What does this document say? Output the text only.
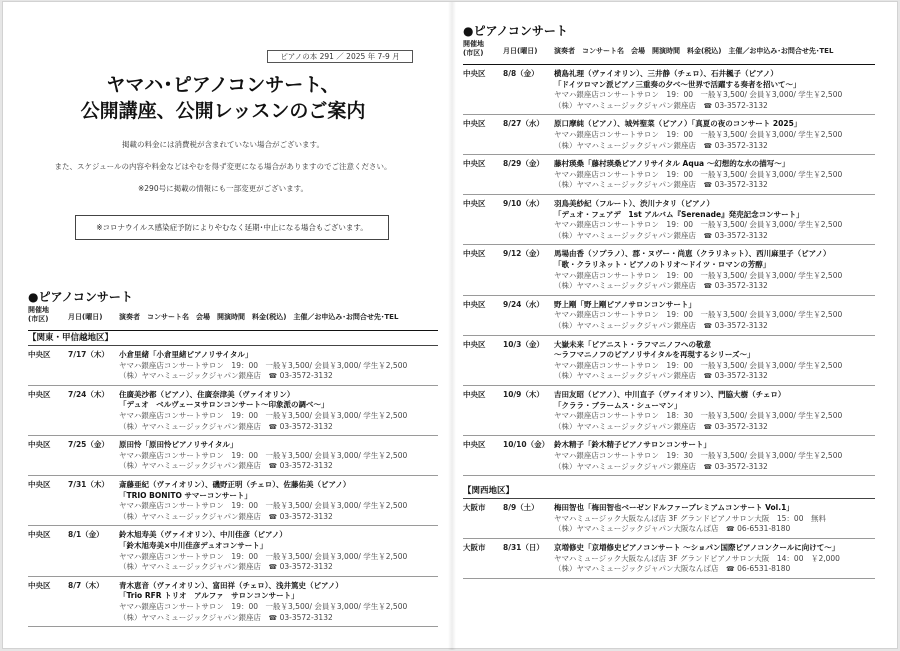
ピアノの本 291 ／ 2025 年 7-9 月
ヤマハ･ピアノコンサート、
公開講座、公開レッスンのご案内

掲載の料金には消費税が含まれていない場合がございます。

また、スケジュールの内容や料金などはやむを得ず変更になる場合がありますのでご注意ください。

※290号に掲載の情報にも一部変更がございます。

※コロナウイルス感染症予防によりやむなく延期･中止になる場合もございます。
●ピアノコンサート
開催地
(市区)	月日(曜日) 演奏者　コンサート名　会場　開演時間　料金(税込)　主催／お申込み･お問合せ先･TEL
【関東・甲信越地区】
中央区 7/17（木） 小倉里緒「小倉里緒ピアノリサイタル」
ヤマハ銀座店コンサートサロン　19：00　一般￥3,500/ 会員￥3,000/ 学生￥2,500
（株）ヤマハミュージックジャパン銀座店　 ☎ 03-3572-3132
中央区 7/24（木） 住廣美沙都（ピアノ）、住廣奈津美（ヴァイオリン）
「デュオ　ベルヴェーヌサロンコンサート～印象派の調べ～」
ヤマハ銀座店コンサートサロン　19：00　一般￥3,500/ 会員￥3,000/ 学生￥2,500
（株）ヤマハミュージックジャパン銀座店　 ☎ 03-3572-3132
中央区 7/25（金） 原田怜「原田怜ピアノリサイタル」
ヤマハ銀座店コンサートサロン　19：00　一般￥3,500/ 会員￥3,000/ 学生￥2,500
（株）ヤマハミュージックジャパン銀座店　 ☎ 03-3572-3132
中央区 7/31（木） 斎藤亜紀（ヴァイオリン）、磯野正明（チェロ）、佐藤佑美（ピアノ）
「TRIO BONITO サマーコンサート」
ヤマハ銀座店コンサートサロン　19：00　一般￥3,500/ 会員￥3,000/ 学生￥2,500
（株）ヤマハミュージックジャパン銀座店　 ☎ 03-3572-3132
中央区 8/1（金） 鈴木旭寿美（ヴァイオリン）、中川佳彦（ピアノ）
「鈴木旭寿美×中川佳彦デュオコンサート」
ヤマハ銀座店コンサートサロン　19：00　一般￥3,500/ 会員￥3,000/ 学生￥2,500
（株）ヤマハミュージックジャパン銀座店　 ☎ 03-3572-3132
中央区 8/7（木） 青木恵音（ヴァイオリン）、富田祥（チェロ）、浅井篤史（ピアノ）
「Trio RFR トリオ　アルファ　サロンコンサート」
ヤマハ銀座店コンサートサロン　19：00　一般￥3,500/ 会員￥3,000/ 学生￥2,500
（株）ヤマハミュージックジャパン銀座店　 ☎ 03-3572-3132
●ピアノコンサート
開催地
(市区)	月日(曜日) 演奏者　コンサート名　会場　開演時間　料金(税込)　主催／お申込み･お問合せ先･TEL
中央区 8/8（金） 横島礼理（ヴァイオリン）、三井静（チェロ）、石井楓子（ピアノ）
「ドイツロマン派ピアノ三重奏の夕べ～世界で活躍する奏者を招いて～」
ヤマハ銀座店コンサートサロン　19：00　一般￥3,500/ 会員￥3,000/ 学生￥2,500
（株）ヤマハミュージックジャパン銀座店　 ☎ 03-3572-3132
中央区 8/27（水） 原口摩純（ピアノ）、城舛聖菜（ピアノ）「真夏の夜のコンサート 2025」
ヤマハ銀座店コンサートサロン　19：00　一般￥3,500/ 会員￥3,000/ 学生￥2,500
（株）ヤマハミュージックジャパン銀座店　 ☎ 03-3572-3132
中央区 8/29（金） 藤村瑛桑「藤村瑛桑ピアノリサイタル Aqua ～幻想的な水の描写～」
ヤマハ銀座店コンサートサロン　19：00　一般￥3,500/ 会員￥3,000/ 学生￥2,500
（株）ヤマハミュージックジャパン銀座店　 ☎ 03-3572-3132
中央区 9/10（水） 羽鳥美紗紀（フルート）、渋川ナタリ（ピアノ）
「デュオ・フェアデ　1st アルバム『Serenade』発売記念コンサート」
ヤマハ銀座店コンサートサロン　19：00　一般￥3,500/ 会員￥3,000/ 学生￥2,500
（株）ヤマハミュージックジャパン銀座店　 ☎ 03-3572-3132
中央区 9/12（金） 馬場由香（ソプラノ）、郡・ヌヴー・尚恵（クラリネット）、西川麻里子（ピアノ）
「歌・クラリネット・ピアノのトリオ～ドイツ・ロマンの芳醇」
ヤマハ銀座店コンサートサロン　19：00　一般￥3,500/ 会員￥3,000/ 学生￥2,500
（株）ヤマハミュージックジャパン銀座店　 ☎ 03-3572-3132
中央区 9/24（水） 野上剛「野上剛ピアノサロンコンサート」
ヤマハ銀座店コンサートサロン　19：00　一般￥3,500/ 会員￥3,000/ 学生￥2,500
（株）ヤマハミュージックジャパン銀座店　 ☎ 03-3572-3132
中央区 10/3（金） 大嶽未来「ピアニスト・ラフマニノフへの敬意
～ラフマニノフのピアノリサイタルを再現するシリーズ～」
ヤマハ銀座店コンサートサロン　19：00　一般￥3,500/ 会員￥3,000/ 学生￥2,500
（株）ヤマハミュージックジャパン銀座店　 ☎ 03-3572-3132
中央区 10/9（木） 吉田友昭（ピアノ）、中川直子（ヴァイオリン）、門脇大樹（チェロ）
「クララ・ブラームス・シューマン」
ヤマハ銀座店コンサートサロン　18：30　一般￥3,500/ 会員￥3,000/ 学生￥2,500
（株）ヤマハミュージックジャパン銀座店　 ☎ 03-3572-3132
中央区 10/10（金） 鈴木精子「鈴木精子ピアノサロンコンサート」
ヤマハ銀座店コンサートサロン　19：30　一般￥3,500/ 会員￥3,000/ 学生￥2,500
（株）ヤマハミュージックジャパン銀座店　 ☎ 03-3572-3132
【関西地区】
大阪市 8/9（土） 梅田智也「梅田智也ベーゼンドルファープレミアムコンサート Vol.1」
ヤマハミュージック大阪なんば店 3F グランドピアノサロン大阪　15：00　無料
（株）ヤマハミュージックジャパン大阪なんば店　 ☎ 06-6531-8180
大阪市 8/31（日） 京増修史「京増修史ピアノコンサート ～ショパン国際ピアノコンクールに向けて～」
ヤマハミュージック大阪なんば店 3F グランドピアノサロン大阪　14：00　￥2,000
（株）ヤマハミュージックジャパン大阪なんば店　 ☎ 06-6531-8180
